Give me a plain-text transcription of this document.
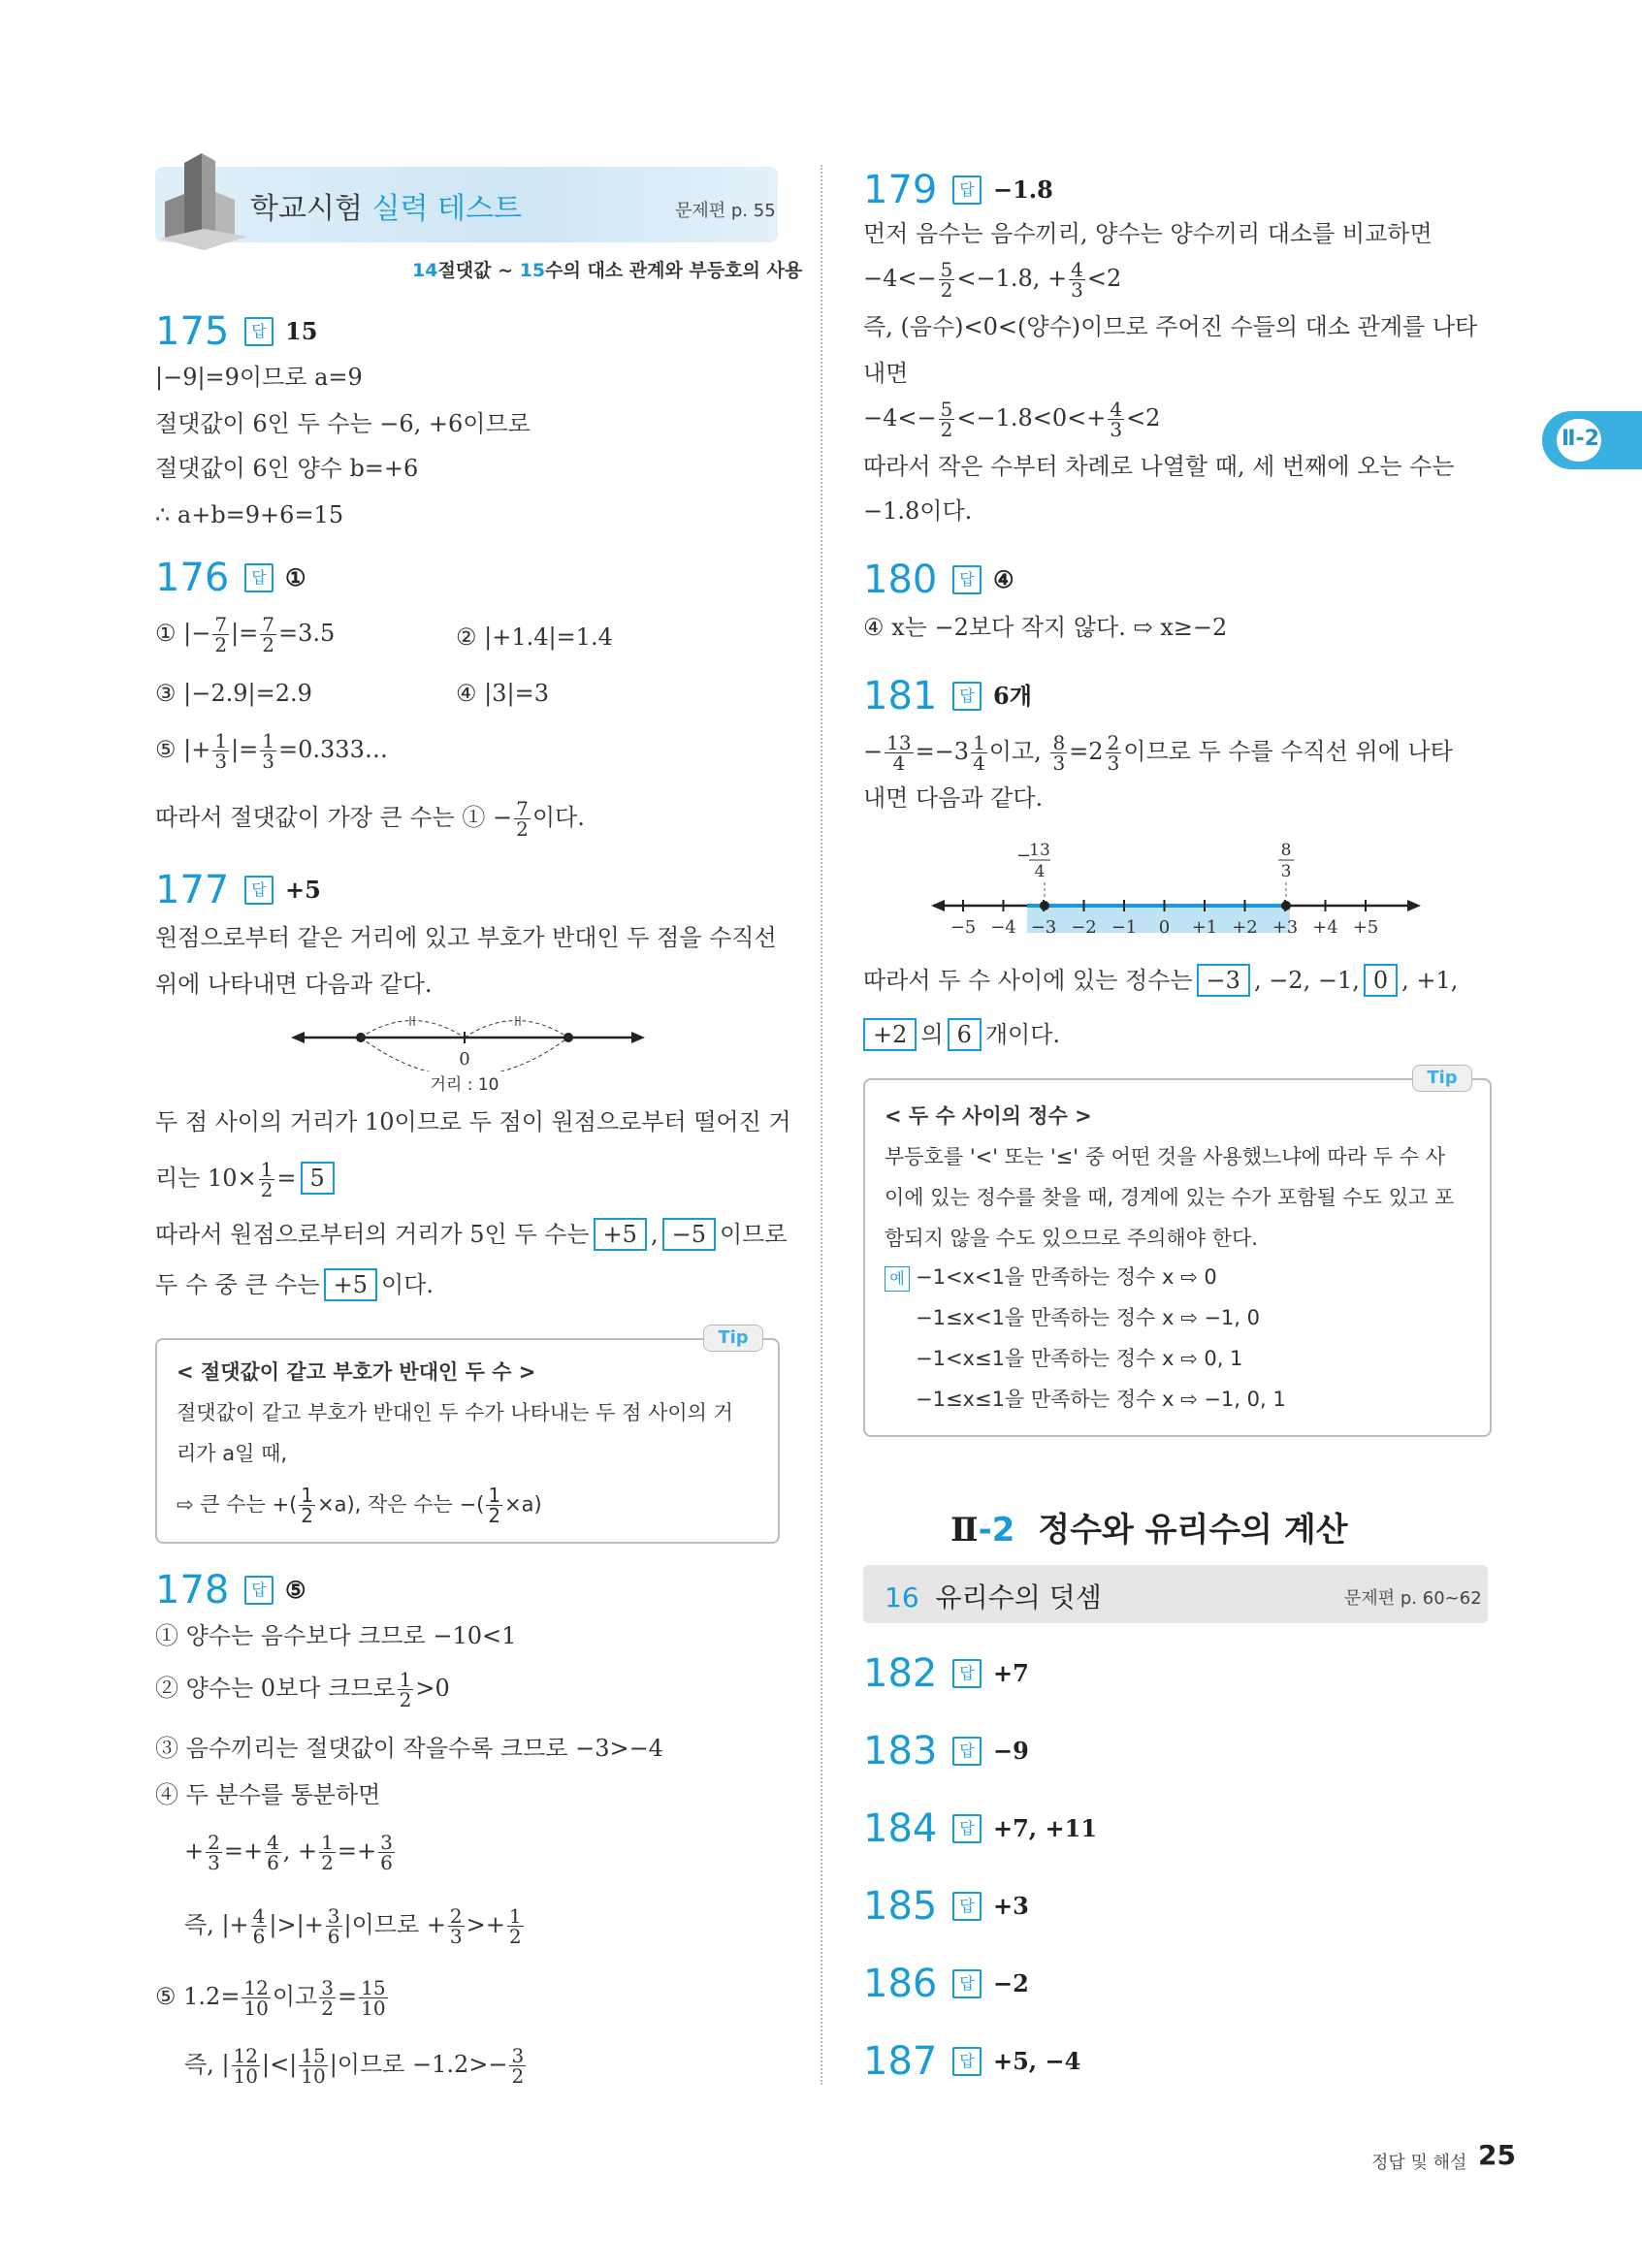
학교시험 실력 테스트	문제편 p. 55
14절댓값 ~ 15수의 대소 관계와 부등호의 사용
Ⅱ-2
175	답 15
|−9|=9이므로 a=9
절댓값이 6인 두 수는 −6, +6이므로
절댓값이 6인 양수 b=+6
∴ a+b=9+6=15
176	답 ①
① |− $\frac{7}{2}$ |= $\frac{7}{2} =3.5$	② |+1.4|=1.4
③ |−2.9|=2.9	④ |3|=3
⑤ |+ $\frac{1}{3}$ |= $\frac{1}{3}$ =0.333…
따라서 절댓값이 가장 큰 수는 ① − $\frac{7}{2}$ 이다.
177	답 +5
원점으로부터 같은 거리에 있고 부호가 반대인 두 점을 수직선
위에 나타내면 다음과 같다.
0
거리 : 10
두 점 사이의 거리가 10이므로 두 점이 원점으로부터 떨어진 거
리는 $10\times \frac{1}{2} = 5$
따라서 원점으로부터의 거리가 5인 두 수는 +5 , −5 이므로
두 수 중 큰 수는 +5 이다.
Tip
< 절댓값이 같고 부호가 반대인 두 수 >
절댓값이 같고 부호가 반대인 두 수가 나타내는 두 점 사이의 거
리가 a일 때,
⇨ 큰 수는 +( $\frac{1}{2} \times a$), 작은 수는 −( $\frac{1}{2} \times a$)
178	답 ⑤
① 양수는 음수보다 크므로 −10<1
② 양수는 0보다 크므로 $\frac{1}{2} >0$
③ 음수끼리는 절댓값이 작을수록 크므로 −3>−4
④ 두 분수를 통분하면
+ $\frac{2}{3} =+ \frac{4}{6}$ , + $\frac{1}{2} =+ \frac{3}{6}$
즉, |+ $\frac{4}{6}$ |>|+ $\frac{3}{6}$ |이므로 + $\frac{2}{3} >+ \frac{1}{2}$
⑤ $1.2= \frac{12}{10}$ 이고 $\frac{3}{2} = \frac{15}{10}$
즉, | $\frac{12}{10}$ |<| $\frac{15}{10}$ |이므로 $-1.2>- \frac{3}{2}$
179	답 −1.8
먼저 음수는 음수끼리, 양수는 양수끼리 대소를 비교하면
$-4<- \frac{5}{2} <-1.8$, + $\frac{4}{3} <2$
즉, (음수)<0<(양수)이므로 주어진 수들의 대소 관계를 나타
내면
$-4<- \frac{5}{2} <-1.8<0<+ \frac{4}{3} <2$
따라서 작은 수부터 차례로 나열할 때, 세 번째에 오는 수는
−1.8이다.
180	답 ④
④ x는 −2보다 작지 않다. ⇨ x≥−2
181	답 6개
− $\frac{13}{4} =-3 \frac{1}{4}$ 이고, $\frac{8}{3} =2 \frac{2}{3}$ 이므로 두 수를 수직선 위에 나타
내면 다음과 같다.
−5 −4 −3 −2 −1 0 +1 +2 +3 +4 +5
−
13
4
8
3
따라서 두 수 사이에 있는 정수는 −3 , −2, −1, 0 , +1,
+2 의 6 개이다.
Tip
< 두 수 사이의 정수 >
부등호를 '<' 또는 '≤' 중 어떤 것을 사용했느냐에 따라 두 수 사
이에 있는 정수를 찾을 때, 경계에 있는 수가 포함될 수도 있고 포
함되지 않을 수도 있으므로 주의해야 한다.
예 −1<x<1을 만족하는 정수 x ⇨ 0
−1≤x<1을 만족하는 정수 x ⇨ −1, 0
−1<x≤1을 만족하는 정수 x ⇨ 0, 1
−1≤x≤1을 만족하는 정수 x ⇨ −1, 0, 1
Ⅱ-2 정수와 유리수의 계산
16 유리수의 덧셈	문제편 p. 60~62
182	답 +7
183	답 −9
184	답 +7, +11
185	답 +3
186	답 −2
187	답 +5, −4
정답 및 해설 25
